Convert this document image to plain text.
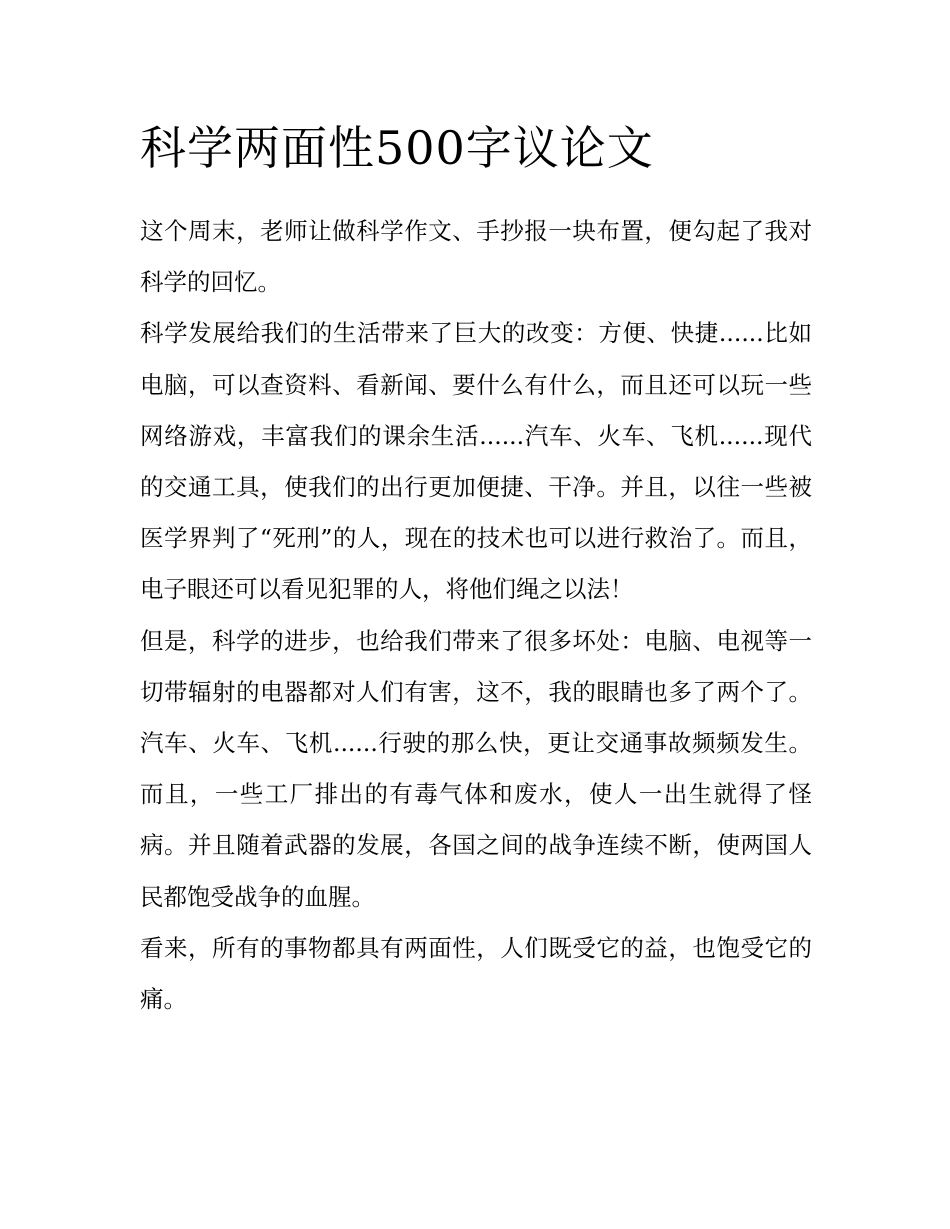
科学两面性500字议论文

这个周末，老师让做科学作文、手抄报一块布置，便勾起了我对科学的回忆。

科学发展给我们的生活带来了巨大的改变：方便、快捷......比如电脑，可以查资料、看新闻、要什么有什么，而且还可以玩一些网络游戏，丰富我们的课余生活......汽车、火车、飞机......现代的交通工具，使我们的出行更加便捷、干净。并且，以往一些被医学界判了“死刑”的人，现在的技术也可以进行救治了。而且，电子眼还可以看见犯罪的人，将他们绳之以法！

但是，科学的进步，也给我们带来了很多坏处：电脑、电视等一切带辐射的电器都对人们有害，这不，我的眼睛也多了两个了。汽车、火车、飞机......行驶的那么快，更让交通事故频频发生。而且，一些工厂排出的有毒气体和废水，使人一出生就得了怪病。并且随着武器的发展，各国之间的战争连续不断，使两国人民都饱受战争的血腥。

看来，所有的事物都具有两面性，人们既受它的益，也饱受它的痛。
